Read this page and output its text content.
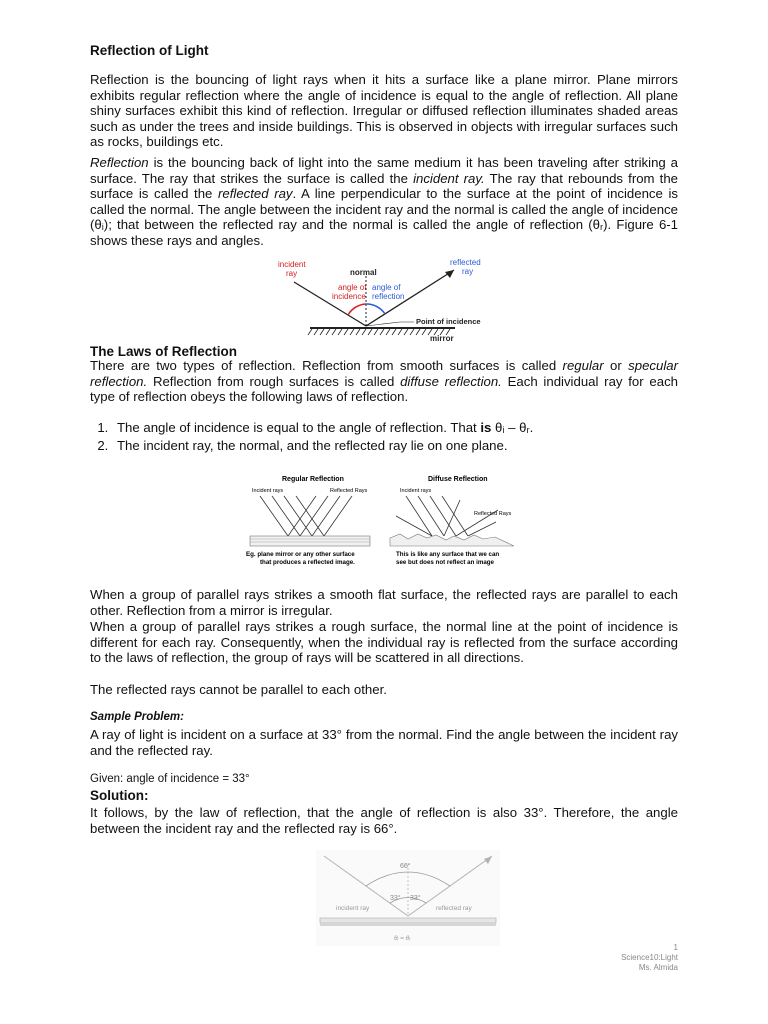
Reflection of Light

Reflection is the bouncing of light rays when it hits a surface like a plane mirror. Plane mirrors exhibits regular reflection where the angle of incidence is equal to the angle of reflection. All plane shiny surfaces exhibit this kind of reflection. Irregular or diffused reflection illuminates shaded areas such as under the trees and inside buildings. This is observed in objects with irregular surfaces such as rocks, buildings etc.

Reflection is the bouncing back of light into the same medium it has been traveling after striking a surface. The ray that strikes the surface is called the incident ray. The ray that rebounds from the surface is called the reflected ray. A line perpendicular to the surface at the point of incidence is called the normal. The angle between the incident ray and the normal is called the angle of incidence (θᵢ); that between the reflected ray and the normal is called the angle of reflection (θᵣ). Figure 6-1 shows these rays and angles.

incident ray	normal
reflected ray
angle of incidence
angle of reflection
Point of incidence
mirror
The Laws of Reflection

There are two types of reflection. Reflection from smooth surfaces is called regular or specular reflection. Reflection from rough surfaces is called diffuse reflection. Each individual ray for each type of reflection obeys the following laws of reflection.

1. The angle of incidence is equal to the angle of reflection. That is θᵢ – θᵣ.
2. The incident ray, the normal, and the reflected ray lie on one plane.
Regular Reflection	Diffuse Reflection
Incident rays	Reflected Rays	Incident rays
Reflected Rays
Eg. plane mirror or any other surface that produces a reflected image.
This is like any surface that we can see but does not reflect an image

When a group of parallel rays strikes a smooth flat surface, the reflected rays are parallel to each other. Reflection from a mirror is irregular.

When a group of parallel rays strikes a rough surface, the normal line at the point of incidence is different for each ray. Consequently, when the individual ray is reflected from the surface according to the laws of reflection, the group of rays will be scattered in all directions.

The reflected rays cannot be parallel to each other.

Sample Problem:

A ray of light is incident on a surface at 33° from the normal. Find the angle between the incident ray and the reflected ray.

Given: angle of incidence = 33°
Solution:

It follows, by the law of reflection, that the angle of reflection is also 33°. Therefore, the angle between the incident ray and the reflected ray is 66°.

66°
33° 33°
incident ray	reflected ray
θᵢ = θᵣ
1
Science10:Light
Ms. Almida
